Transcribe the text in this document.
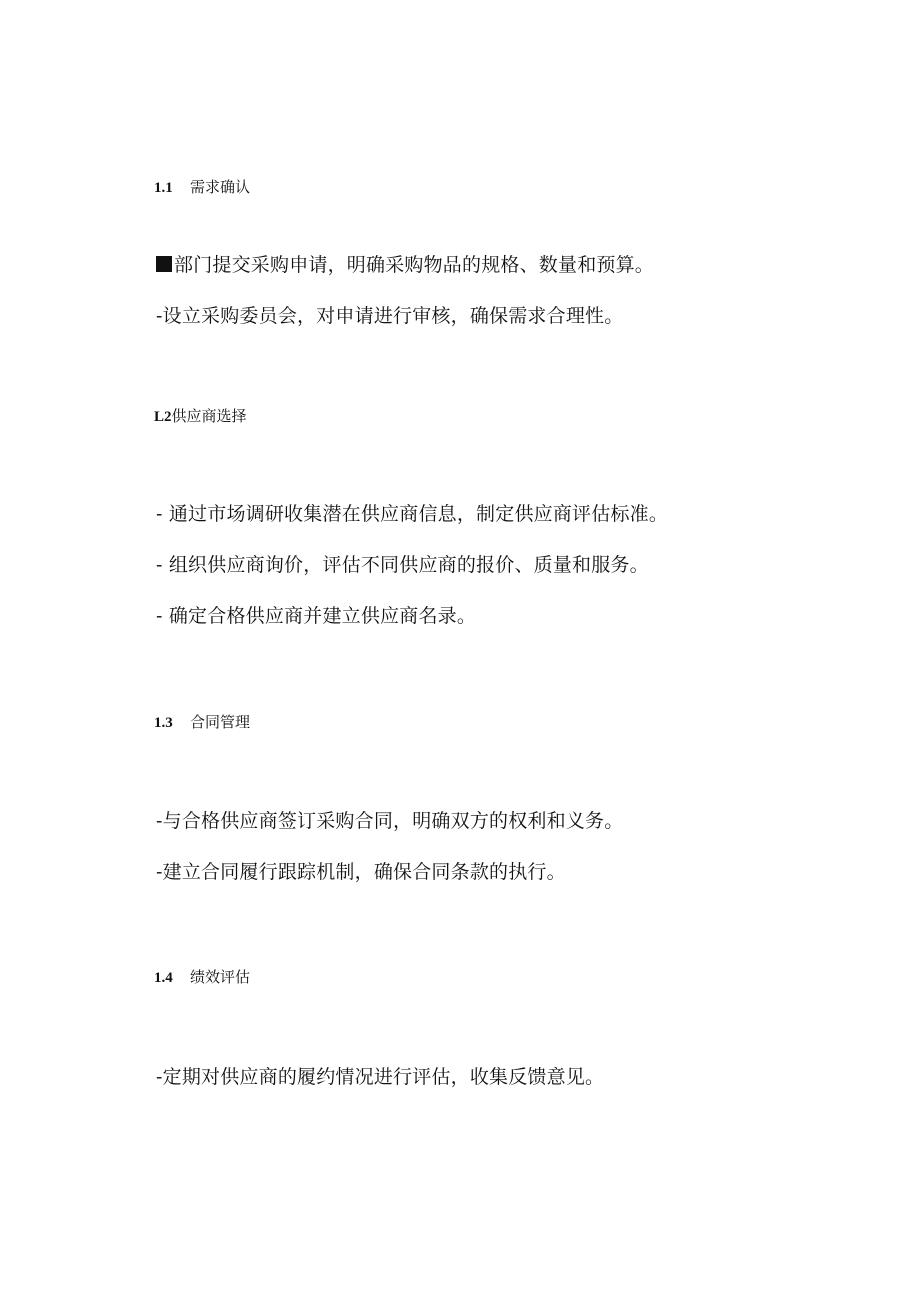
1.1 需求确认
部门提交采购申请，明确采购物品的规格、数量和预算。
-设立采购委员会，对申请进行审核，确保需求合理性。
L2供应商选择
- 通过市场调研收集潜在供应商信息，制定供应商评估标准。
- 组织供应商询价，评估不同供应商的报价、质量和服务。
- 确定合格供应商并建立供应商名录。
1.3 合同管理
-与合格供应商签订采购合同，明确双方的权利和义务。
-建立合同履行跟踪机制，确保合同条款的执行。
1.4 绩效评估
-定期对供应商的履约情况进行评估，收集反馈意见。
